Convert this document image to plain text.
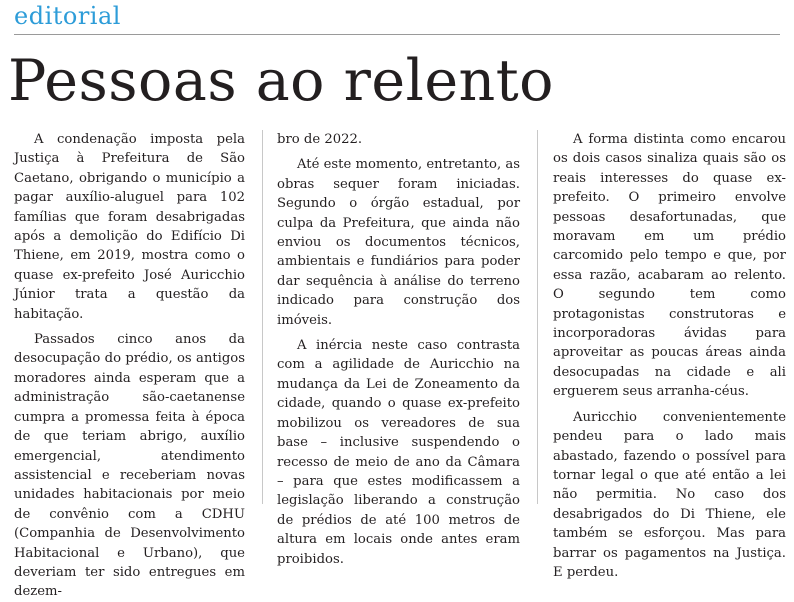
editorial
Pessoas ao relento

A condenação imposta pela Justiça à Prefeitura de São Caetano, obrigando o município a pagar auxílio-aluguel para 102 famílias que foram desabrigadas após a demolição do Edifício Di Thiene, em 2019, mostra como o quase ex-prefeito José Auricchio Júnior trata a questão da habitação.

Passados cinco anos da desocupação do prédio, os antigos moradores ainda esperam que a administração são-caetanense cumpra a promessa feita à época de que teriam abrigo, auxílio emergencial, atendimento assistencial e receberiam novas unidades habitacionais por meio de convênio com a CDHU (Companhia de Desenvolvimento Habitacional e Urbano), que deveriam ter sido entregues em dezem-

bro de 2022.

Até este momento, entretanto, as obras sequer foram iniciadas. Segundo o órgão estadual, por culpa da Prefeitura, que ainda não enviou os documentos técnicos, ambientais e fundiários para poder dar sequência à análise do terreno indicado para construção dos imóveis.

A inércia neste caso contrasta com a agilidade de Auricchio na mudança da Lei de Zoneamento da cidade, quando o quase ex-prefeito mobilizou os vereadores de sua base – inclusive suspendendo o recesso de meio de ano da Câmara – para que estes modificassem a legislação liberando a construção de prédios de até 100 metros de altura em locais onde antes eram proibidos.

A forma distinta como encarou os dois casos sinaliza quais são os reais interesses do quase ex-prefeito. O primeiro envolve pessoas desafortunadas, que moravam em um prédio carcomido pelo tempo e que, por essa razão, acabaram ao relento. O segundo tem como protagonistas construtoras e incorporadoras ávidas para aproveitar as poucas áreas ainda desocupadas na cidade e ali erguerem seus arranha-céus.

Auricchio convenientemente pendeu para o lado mais abastado, fazendo o possível para tornar legal o que até então a lei não permitia. No caso dos desabrigados do Di Thiene, ele também se esforçou. Mas para barrar os pagamentos na Justiça. E perdeu.
